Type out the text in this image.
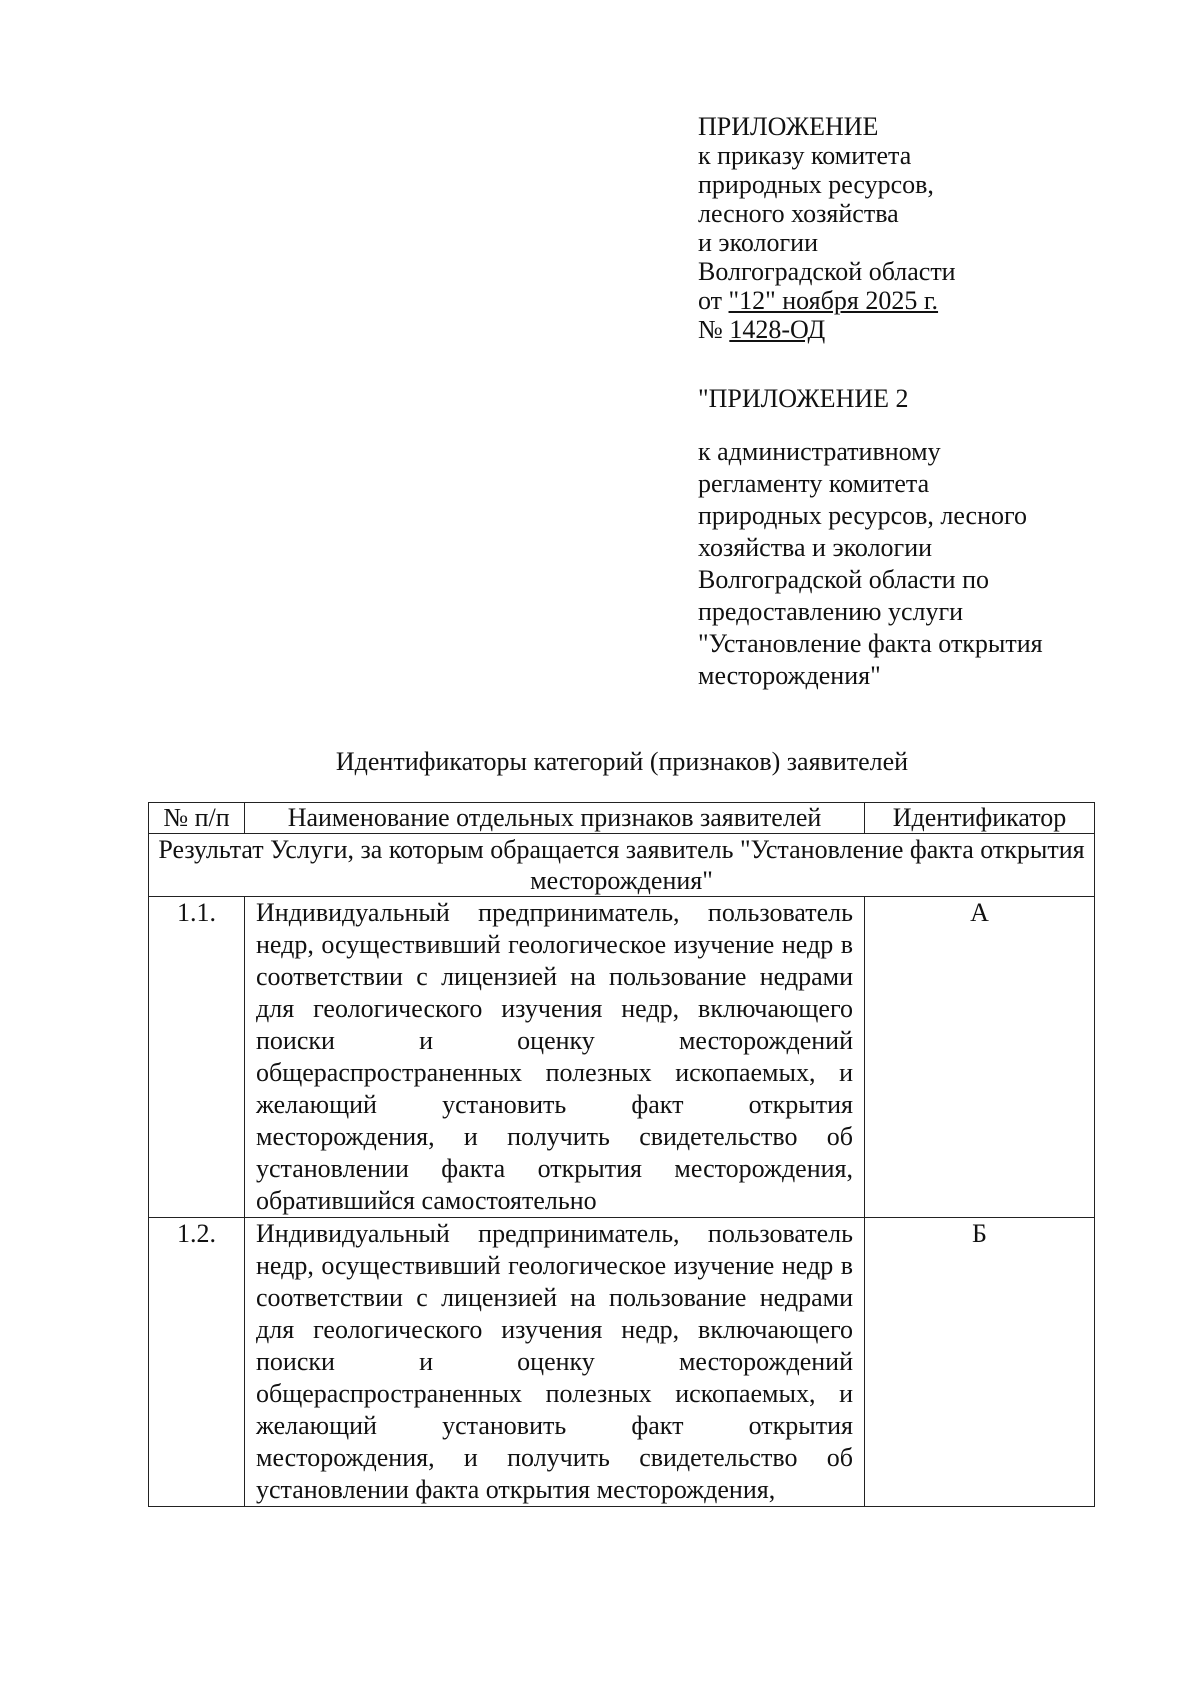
ПРИЛОЖЕНИЕ
к приказу комитета
природных ресурсов,
лесного хозяйства
и экологии
Волгоградской области
от "12" ноября 2025 г.
№ 1428-ОД
"ПРИЛОЖЕНИЕ 2
к административному
регламенту комитета
природных ресурсов, лесного
хозяйства и экологии
Волгоградской области по
предоставлению услуги
"Установление факта открытия
месторождения"
Идентификаторы категорий (признаков) заявителей
№ п/п	Наименование отдельных признаков заявителей	Идентификатор
Результат Услуги, за которым обращается заявитель "Установление факта открытия месторождения"		
1.1.	Индивидуальный предприниматель, пользователь недр, осуществивший геологическое изучение недр в соответствии с лицензией на пользование недрами для геологического изучения недр, включающего поиски и оценку месторождений общераспространенных полезных ископаемых, и желающий установить факт открытия месторождения, и получить свидетельство об установлении факта открытия месторождения, обратившийся самостоятельно	А
1.2.	Индивидуальный предприниматель, пользователь недр, осуществивший геологическое изучение недр в соответствии с лицензией на пользование недрами для геологического изучения недр, включающего поиски и оценку месторождений общераспространенных полезных ископаемых, и желающий установить факт открытия месторождения, и получить свидетельство об установлении факта открытия месторождения,	Б
